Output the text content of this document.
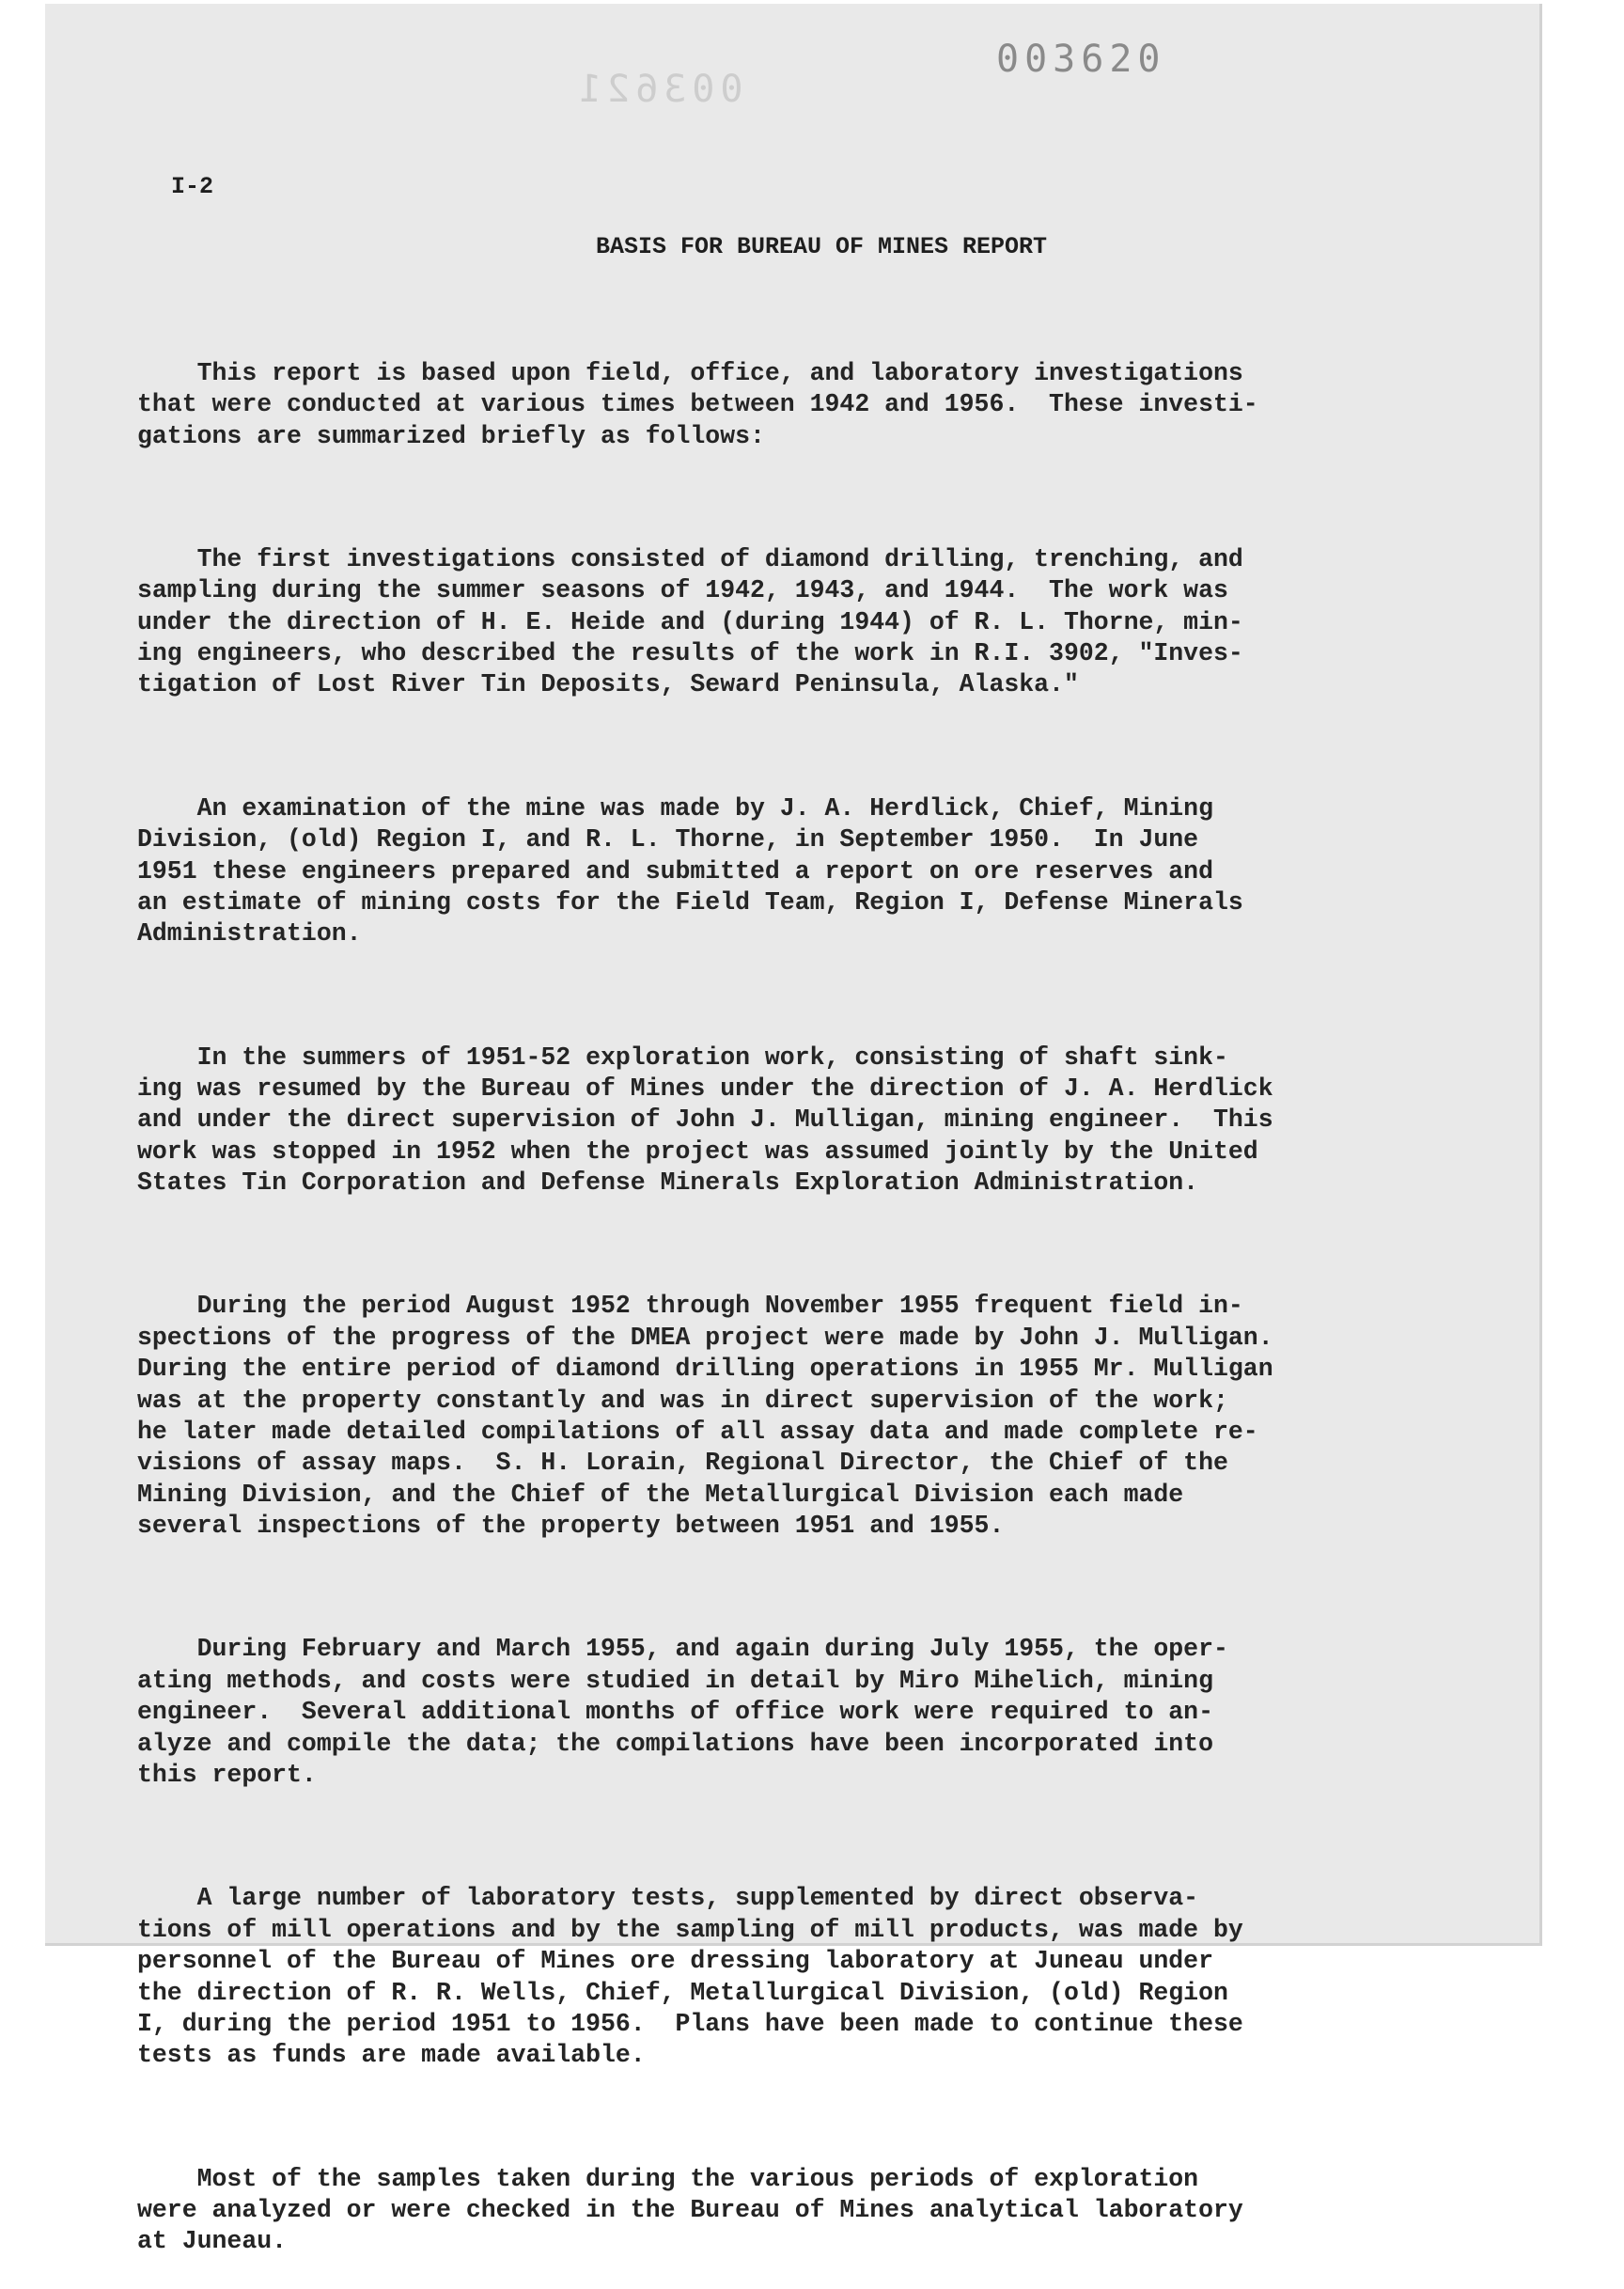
003621
003620
I-2
BASIS FOR BUREAU OF MINES REPORT

This report is based upon field, office, and laboratory investigations
that were conducted at various times between 1942 and 1956.  These investi-
gations are summarized briefly as follows:

The first investigations consisted of diamond drilling, trenching, and
sampling during the summer seasons of 1942, 1943, and 1944.  The work was
under the direction of H. E. Heide and (during 1944) of R. L. Thorne, min-
ing engineers, who described the results of the work in R.I. 3902, "Inves-
tigation of Lost River Tin Deposits, Seward Peninsula, Alaska."

An examination of the mine was made by J. A. Herdlick, Chief, Mining
Division, (old) Region I, and R. L. Thorne, in September 1950.  In June
1951 these engineers prepared and submitted a report on ore reserves and
an estimate of mining costs for the Field Team, Region I, Defense Minerals
Administration.

In the summers of 1951-52 exploration work, consisting of shaft sink-
ing was resumed by the Bureau of Mines under the direction of J. A. Herdlick
and under the direct supervision of John J. Mulligan, mining engineer.  This
work was stopped in 1952 when the project was assumed jointly by the United
States Tin Corporation and Defense Minerals Exploration Administration.

During the period August 1952 through November 1955 frequent field in-
spections of the progress of the DMEA project were made by John J. Mulligan.
During the entire period of diamond drilling operations in 1955 Mr. Mulligan
was at the property constantly and was in direct supervision of the work;
he later made detailed compilations of all assay data and made complete re-
visions of assay maps.  S. H. Lorain, Regional Director, the Chief of the
Mining Division, and the Chief of the Metallurgical Division each made
several inspections of the property between 1951 and 1955.

During February and March 1955, and again during July 1955, the oper-
ating methods, and costs were studied in detail by Miro Mihelich, mining
engineer.  Several additional months of office work were required to an-
alyze and compile the data; the compilations have been incorporated into
this report.

A large number of laboratory tests, supplemented by direct observa-
tions of mill operations and by the sampling of mill products, was made by
personnel of the Bureau of Mines ore dressing laboratory at Juneau under
the direction of R. R. Wells, Chief, Metallurgical Division, (old) Region
I, during the period 1951 to 1956.  Plans have been made to continue these
tests as funds are made available.

Most of the samples taken during the various periods of exploration
were analyzed or were checked in the Bureau of Mines analytical laboratory
at Juneau.
